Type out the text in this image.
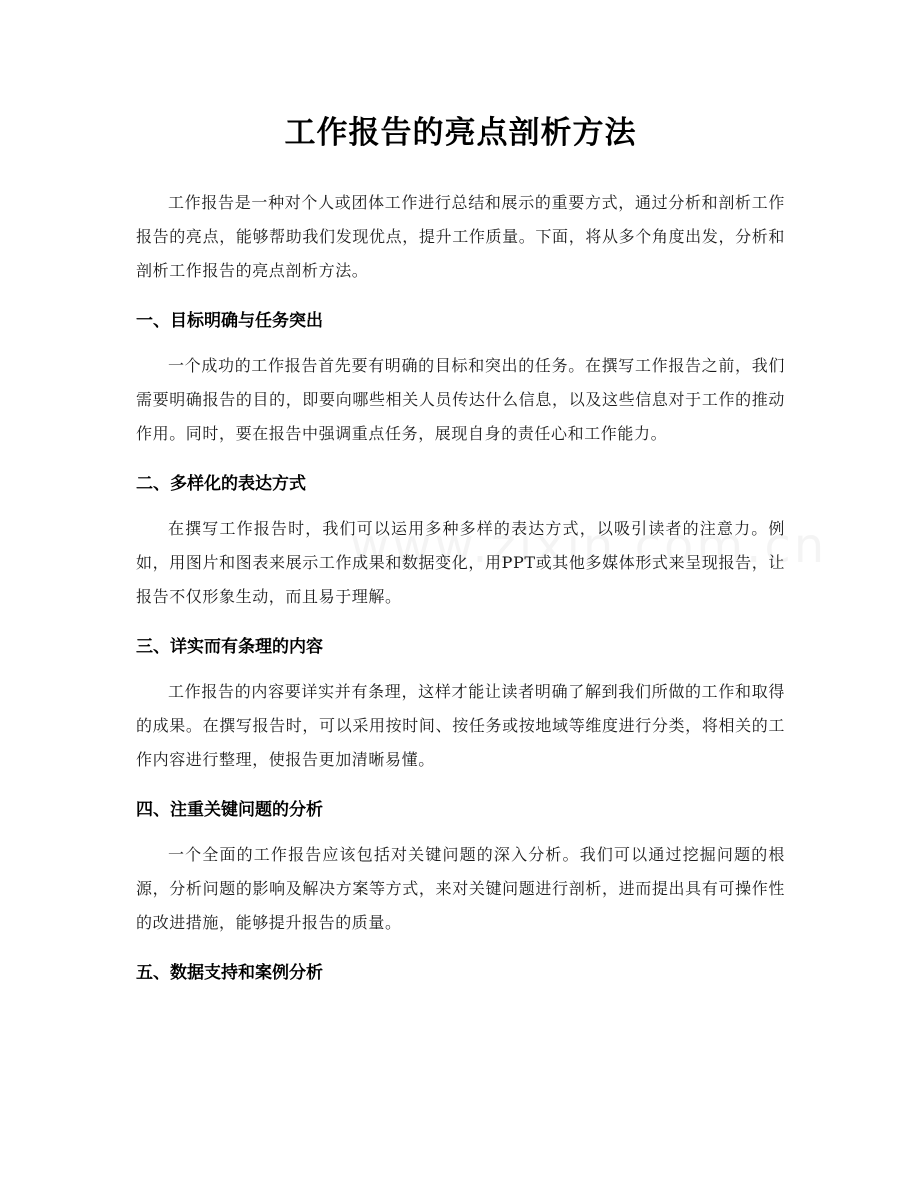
工作报告的亮点剖析方法

工作报告是一种对个人或团体工作进行总结和展示的重要方式，通过分析和剖析工作报告的亮点，能够帮助我们发现优点，提升工作质量。下面，将从多个角度出发，分析和剖析工作报告的亮点剖析方法。

一、目标明确与任务突出

一个成功的工作报告首先要有明确的目标和突出的任务。在撰写工作报告之前，我们需要明确报告的目的，即要向哪些相关人员传达什么信息，以及这些信息对于工作的推动作用。同时，要在报告中强调重点任务，展现自身的责任心和工作能力。

二、多样化的表达方式

在撰写工作报告时，我们可以运用多种多样的表达方式，以吸引读者的注意力。例如，用图片和图表来展示工作成果和数据变化，用PPT或其他多媒体形式来呈现报告，让报告不仅形象生动，而且易于理解。

三、详实而有条理的内容

工作报告的内容要详实并有条理，这样才能让读者明确了解到我们所做的工作和取得的成果。在撰写报告时，可以采用按时间、按任务或按地域等维度进行分类，将相关的工作内容进行整理，使报告更加清晰易懂。

四、注重关键问题的分析

一个全面的工作报告应该包括对关键问题的深入分析。我们可以通过挖掘问题的根源，分析问题的影响及解决方案等方式，来对关键问题进行剖析，进而提出具有可操作性的改进措施，能够提升报告的质量。

五、数据支持和案例分析
